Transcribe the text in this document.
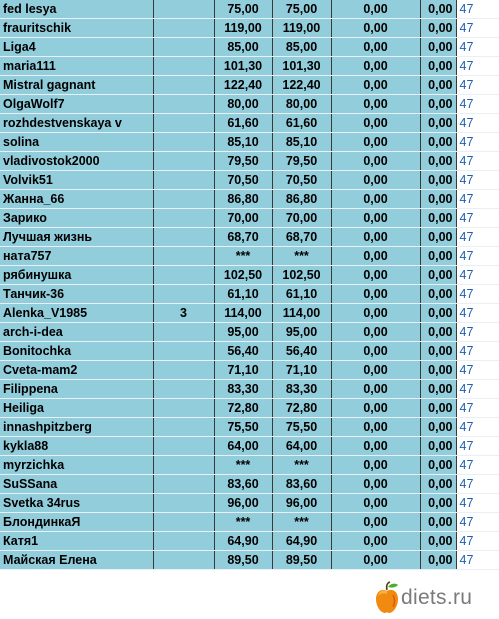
fed lesya		75,00	75,00	0,00	0,00	47
frauritschik		119,00	119,00	0,00	0,00	47
Liga4		85,00	85,00	0,00	0,00	47
maria111		101,30	101,30	0,00	0,00	47
Mistral gagnant		122,40	122,40	0,00	0,00	47
OlgaWolf7		80,00	80,00	0,00	0,00	47
rozhdestvenskaya v		61,60	61,60	0,00	0,00	47
solina		85,10	85,10	0,00	0,00	47
vladivostok2000		79,50	79,50	0,00	0,00	47
Volvik51		70,50	70,50	0,00	0,00	47
Жанна_66		86,80	86,80	0,00	0,00	47
Зарико		70,00	70,00	0,00	0,00	47
Лучшая жизнь		68,70	68,70	0,00	0,00	47
ната757		***	***	0,00	0,00	47
рябинушка		102,50	102,50	0,00	0,00	47
Танчик-36		61,10	61,10	0,00	0,00	47
Alenka_V1985	3	114,00	114,00	0,00	0,00	47
arch-i-dea		95,00	95,00	0,00	0,00	47
Bonitochka		56,40	56,40	0,00	0,00	47
Cveta-mam2		71,10	71,10	0,00	0,00	47
Filippena		83,30	83,30	0,00	0,00	47
Heiliga		72,80	72,80	0,00	0,00	47
innashpitzberg		75,50	75,50	0,00	0,00	47
kykla88		64,00	64,00	0,00	0,00	47
myrzichka		***	***	0,00	0,00	47
SuSSana		83,60	83,60	0,00	0,00	47
Svetka 34rus		96,00	96,00	0,00	0,00	47
БлондинкаЯ		***	***	0,00	0,00	47
Катя1		64,90	64,90	0,00	0,00	47
Майская Елена		89,50	89,50	0,00	0,00	47
diets.ru
